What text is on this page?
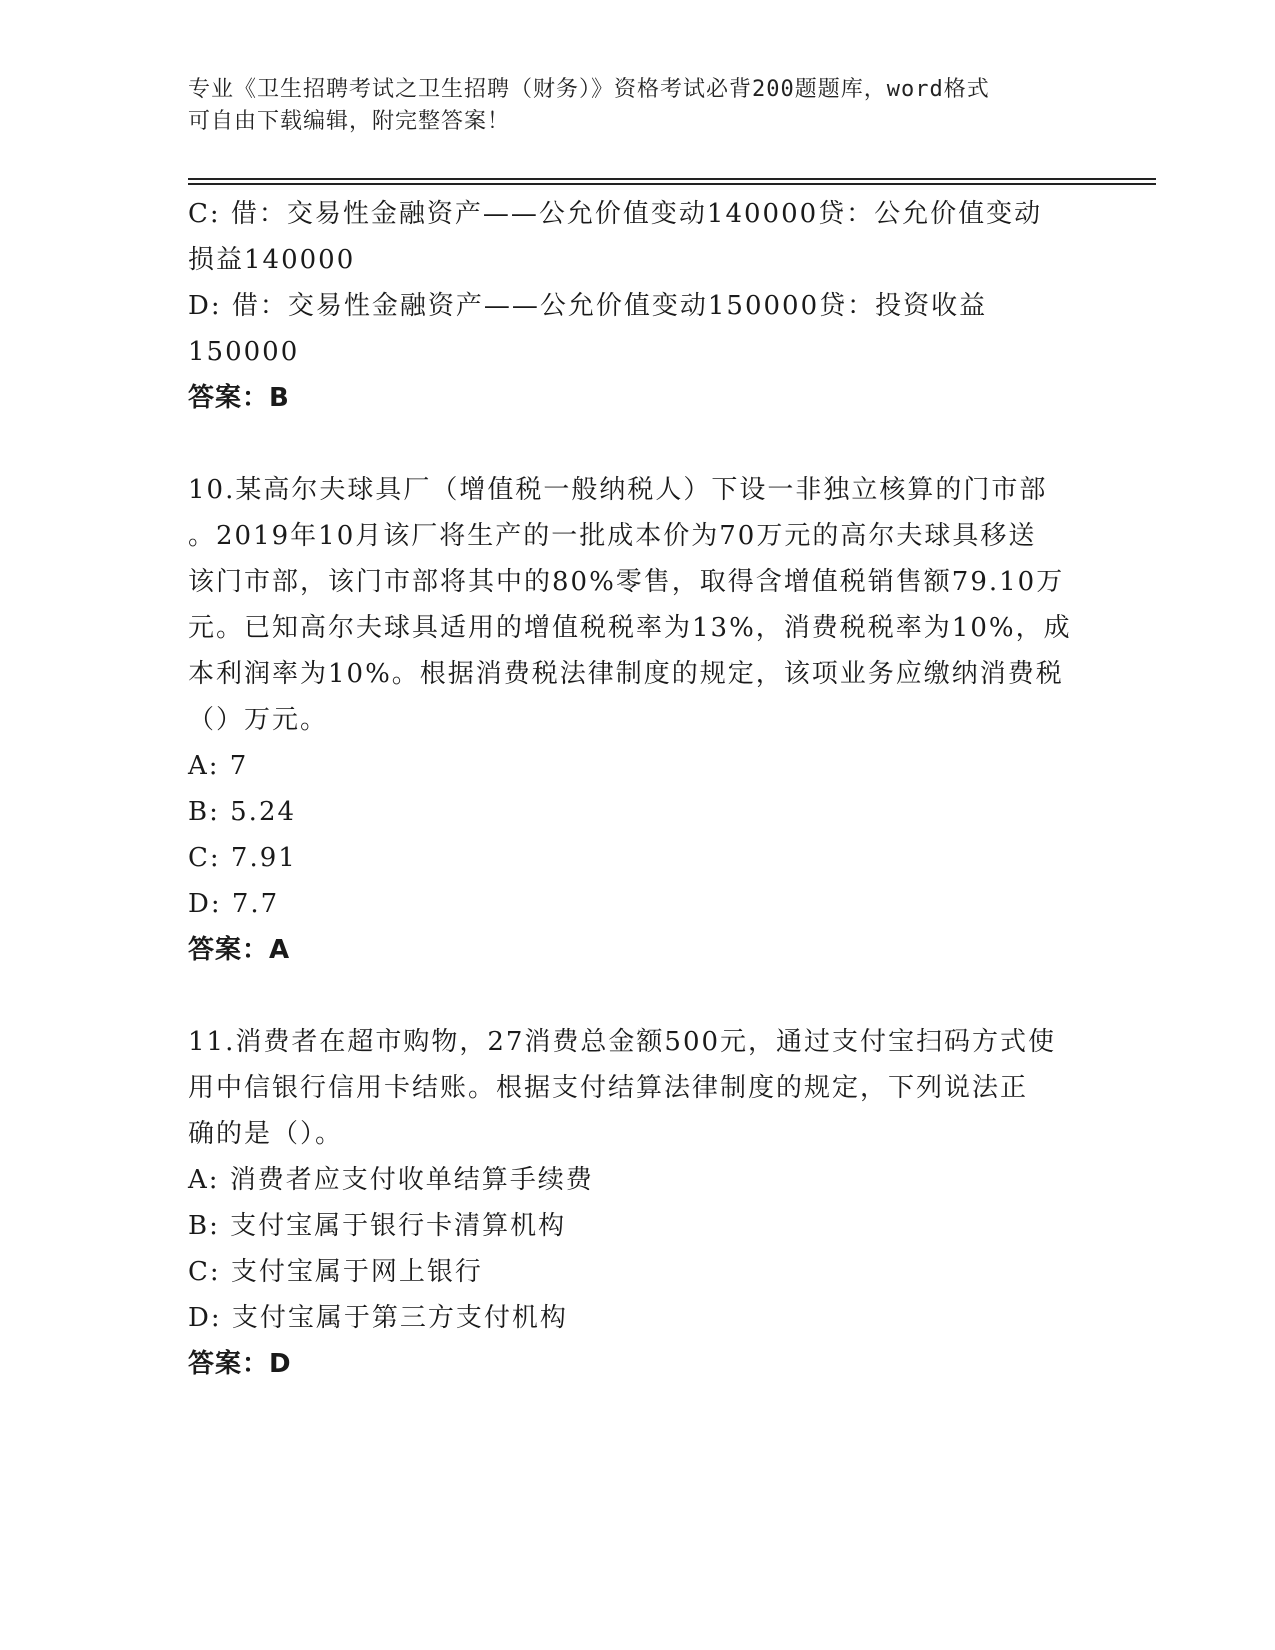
专业《卫生招聘考试之卫生招聘（财务）》资格考试必背200题题库，word格式
可自由下载编辑，附完整答案！
C: 借：交易性金融资产——公允价值变动140000贷：公允价值变动
损益140000
D: 借：交易性金融资产——公允价值变动150000贷：投资收益
150000
答案：B
10.某高尔夫球具厂（增值税一般纳税人）下设一非独立核算的门市部
。2019年10月该厂将生产的一批成本价为70万元的高尔夫球具移送
该门市部，该门市部将其中的80%零售，取得含增值税销售额79.10万
元。已知高尔夫球具适用的增值税税率为13%，消费税税率为10%，成
本利润率为10%。根据消费税法律制度的规定，该项业务应缴纳消费税
（）万元。
A: 7
B: 5.24
C: 7.91
D: 7.7
答案：A
11.消费者在超市购物，27消费总金额500元，通过支付宝扫码方式使
用中信银行信用卡结账。根据支付结算法律制度的规定，下列说法正
确的是（）。
A: 消费者应支付收单结算手续费
B: 支付宝属于银行卡清算机构
C: 支付宝属于网上银行
D: 支付宝属于第三方支付机构
答案：D
